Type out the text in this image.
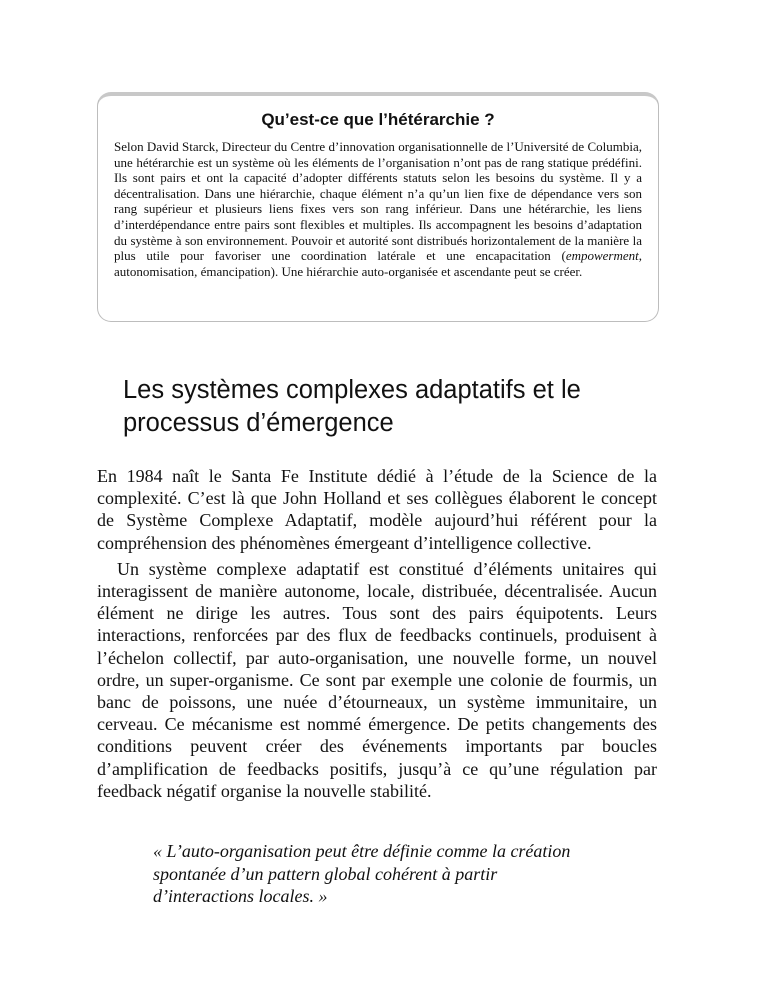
Qu’est-ce que l’hétérarchie ?

Selon David Starck, Directeur du Centre d’innovation organisationnelle de l’Université de Columbia, une hétérarchie est un système où les éléments de l’organisation n’ont pas de rang statique prédéfini. Ils sont pairs et ont la capacité d’adopter différents statuts selon les besoins du système. Il y a décentralisation. Dans une hiérarchie, chaque élément n’a qu’un lien fixe de dépendance vers son rang supérieur et plusieurs liens fixes vers son rang inférieur. Dans une hétérarchie, les liens d’interdépendance entre pairs sont flexibles et multiples. Ils accompagnent les besoins d’adaptation du système à son environnement. Pouvoir et autorité sont distribués horizontalement de la manière la plus utile pour favoriser une coordination latérale et une encapacitation (empowerment, autonomisation, émancipation). Une hiérarchie auto-organisée et ascendante peut se créer.

Les systèmes complexes adaptatifs et le processus d’émergence

En 1984 naît le Santa Fe Institute dédié à l’étude de la Science de la complexité. C’est là que John Holland et ses collègues élaborent le concept de Système Complexe Adaptatif, modèle aujourd’hui référent pour la compréhension des phénomènes émergeant d’intelligence collective.

Un système complexe adaptatif est constitué d’éléments unitaires qui interagissent de manière autonome, locale, distribuée, décentralisée. Aucun élément ne dirige les autres. Tous sont des pairs équipotents. Leurs interactions, renforcées par des flux de feedbacks continuels, produisent à l’échelon collectif, par auto-organisation, une nouvelle forme, un nouvel ordre, un super-organisme. Ce sont par exemple une colonie de fourmis, un banc de poissons, une nuée d’étourneaux, un système immunitaire, un cerveau. Ce mécanisme est nommé émergence. De petits changements des conditions peuvent créer des événements importants par boucles d’amplification de feedbacks positifs, jusqu’à ce qu’une régulation par feedback négatif organise la nouvelle stabilité.

« L’auto-organisation peut être définie comme la création
spontanée d’un pattern global cohérent à partir
d’interactions locales. »
